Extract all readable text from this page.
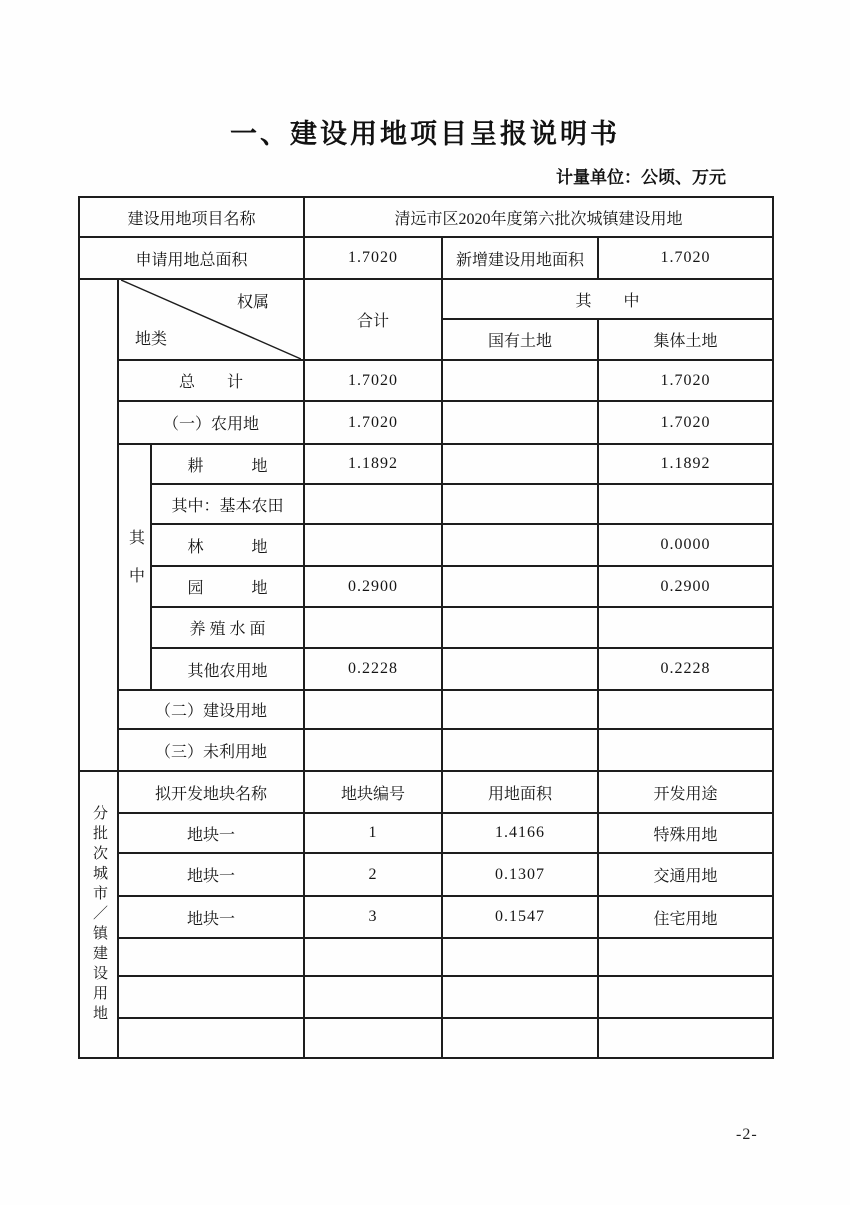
一、建设用地项目呈报说明书
计量单位：公顷、万元
建设用地项目名称			清远市区2020年度第六批次城镇建设用地		
申请用地总面积			1.7020	新增建设用地面积	1.7020

	权属
地类		合计	其　　中	
				国有土地	集体土地
	总　　计		1.7020		1.7020
	（一）农用地		1.7020		1.7020

	其中	耕　　　地	1.1892		1.1892
		其中：基本农田			
		林　　　地			0.0000
		园　　　地	0.2900		0.2900
		养 殖 水 面			
		其他农用地	0.2228		0.2228
	（二）建设用地				
	（三）未利用地				

分批次城市／镇建设用地	拟开发地块名称		地块编号	用地面积	开发用途
	地块一		1	1.4166	特殊用地
	地块一		2	0.1307	交通用地
	地块一		3	0.1547	住宅用地

-2-
